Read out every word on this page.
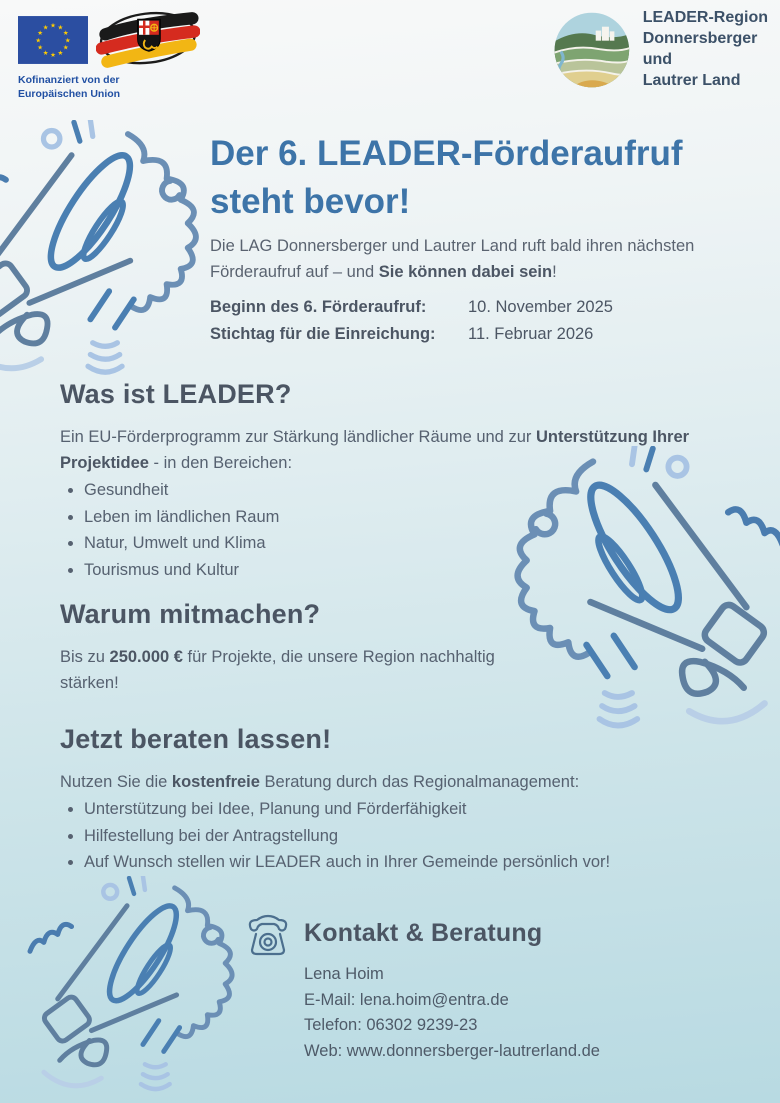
★
★
★
★
★
★
★
★
★ ★ ★
★
Kofinanziert von der
Europäischen Union
LEADER-Region
Donnersberger und
Lautrer Land
Der 6. LEADER-Förderaufruf
steht bevor!

Die LAG Donnersberger und Lautrer Land ruft bald ihren nächsten Förderaufruf auf – und Sie können dabei sein!

Beginn des 6. Förderaufruf:	10. November 2025
Stichtag für die Einreichung:	11. Februar 2026
Was ist LEADER?

Ein EU-Förderprogramm zur Stärkung ländlicher Räume und zur Unterstützung Ihrer Projektidee - in den Bereichen:

• Gesundheit
• Leben im ländlichen Raum
• Natur, Umwelt und Klima
• Tourismus und Kultur
Warum mitmachen?

Bis zu 250.000 € für Projekte, die unsere Region nachhaltig stärken!

Jetzt beraten lassen!

Nutzen Sie die kostenfreie Beratung durch das Regionalmanagement:

• Unterstützung bei Idee, Planung und Förderfähigkeit
• Hilfestellung bei der Antragstellung
• Auf Wunsch stellen wir LEADER auch in Ihrer Gemeinde persönlich vor!
Kontakt & Beratung
Lena Hoim
E-Mail: lena.hoim@entra.de
Telefon: 06302 9239-23
Web: www.donnersberger-lautrerland.de
